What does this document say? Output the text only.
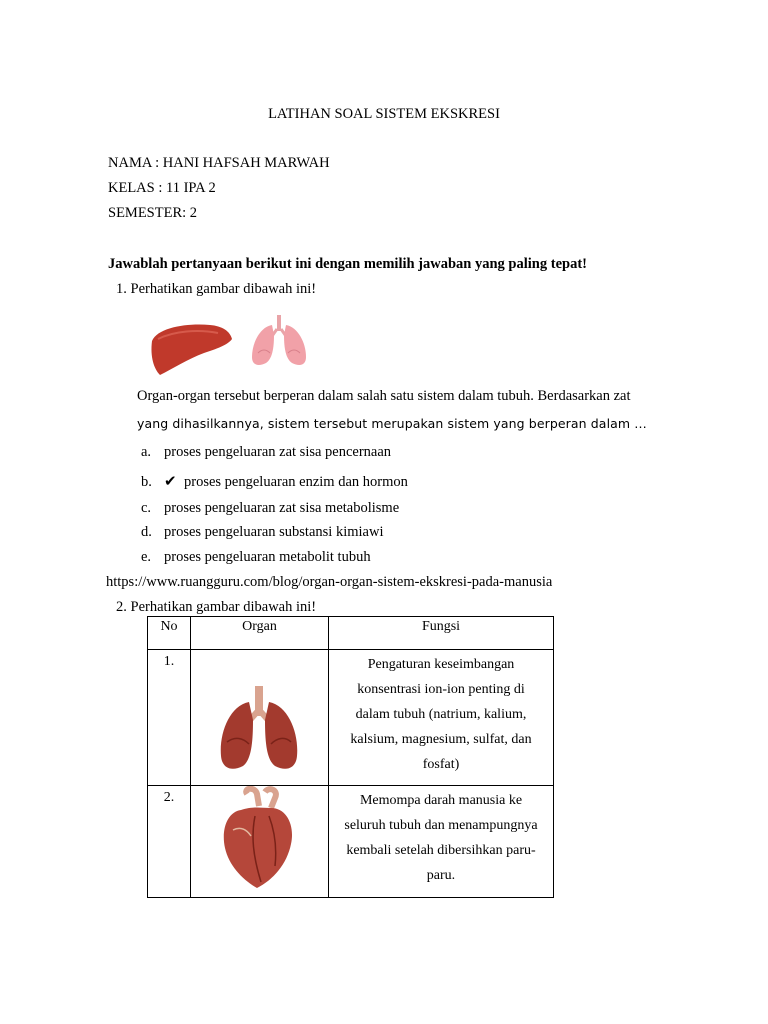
LATIHAN SOAL SISTEM EKSKRESI
NAMA : HANI HAFSAH MARWAH
KELAS : 11 IPA 2
SEMESTER: 2
Jawablah pertanyaan berikut ini dengan memilih jawaban yang paling tepat!
1. Perhatikan gambar dibawah ini!
Organ-organ tersebut berperan dalam salah satu sistem dalam tubuh. Berdasarkan zat
yang dihasilkannya, sistem tersebut merupakan sistem yang berperan dalam …
a. proses pengeluaran zat sisa pencernaan
b. ✔ proses pengeluaran enzim dan hormon
c. proses pengeluaran zat sisa metabolisme
d. proses pengeluaran substansi kimiawi
e. proses pengeluaran metabolit tubuh
https://www.ruangguru.com/blog/organ-organ-sistem-ekskresi-pada-manusia
2. Perhatikan gambar dibawah ini!
No	Organ	Fungsi

1.		Pengaturan keseimbangan konsentrasi ion-ion penting di dalam tubuh (natrium, kalium, kalsium, magnesium, sulfat, dan fosfat)

2.		Memompa darah manusia ke seluruh tubuh dan menampungnya kembali setelah dibersihkan paru-paru.
